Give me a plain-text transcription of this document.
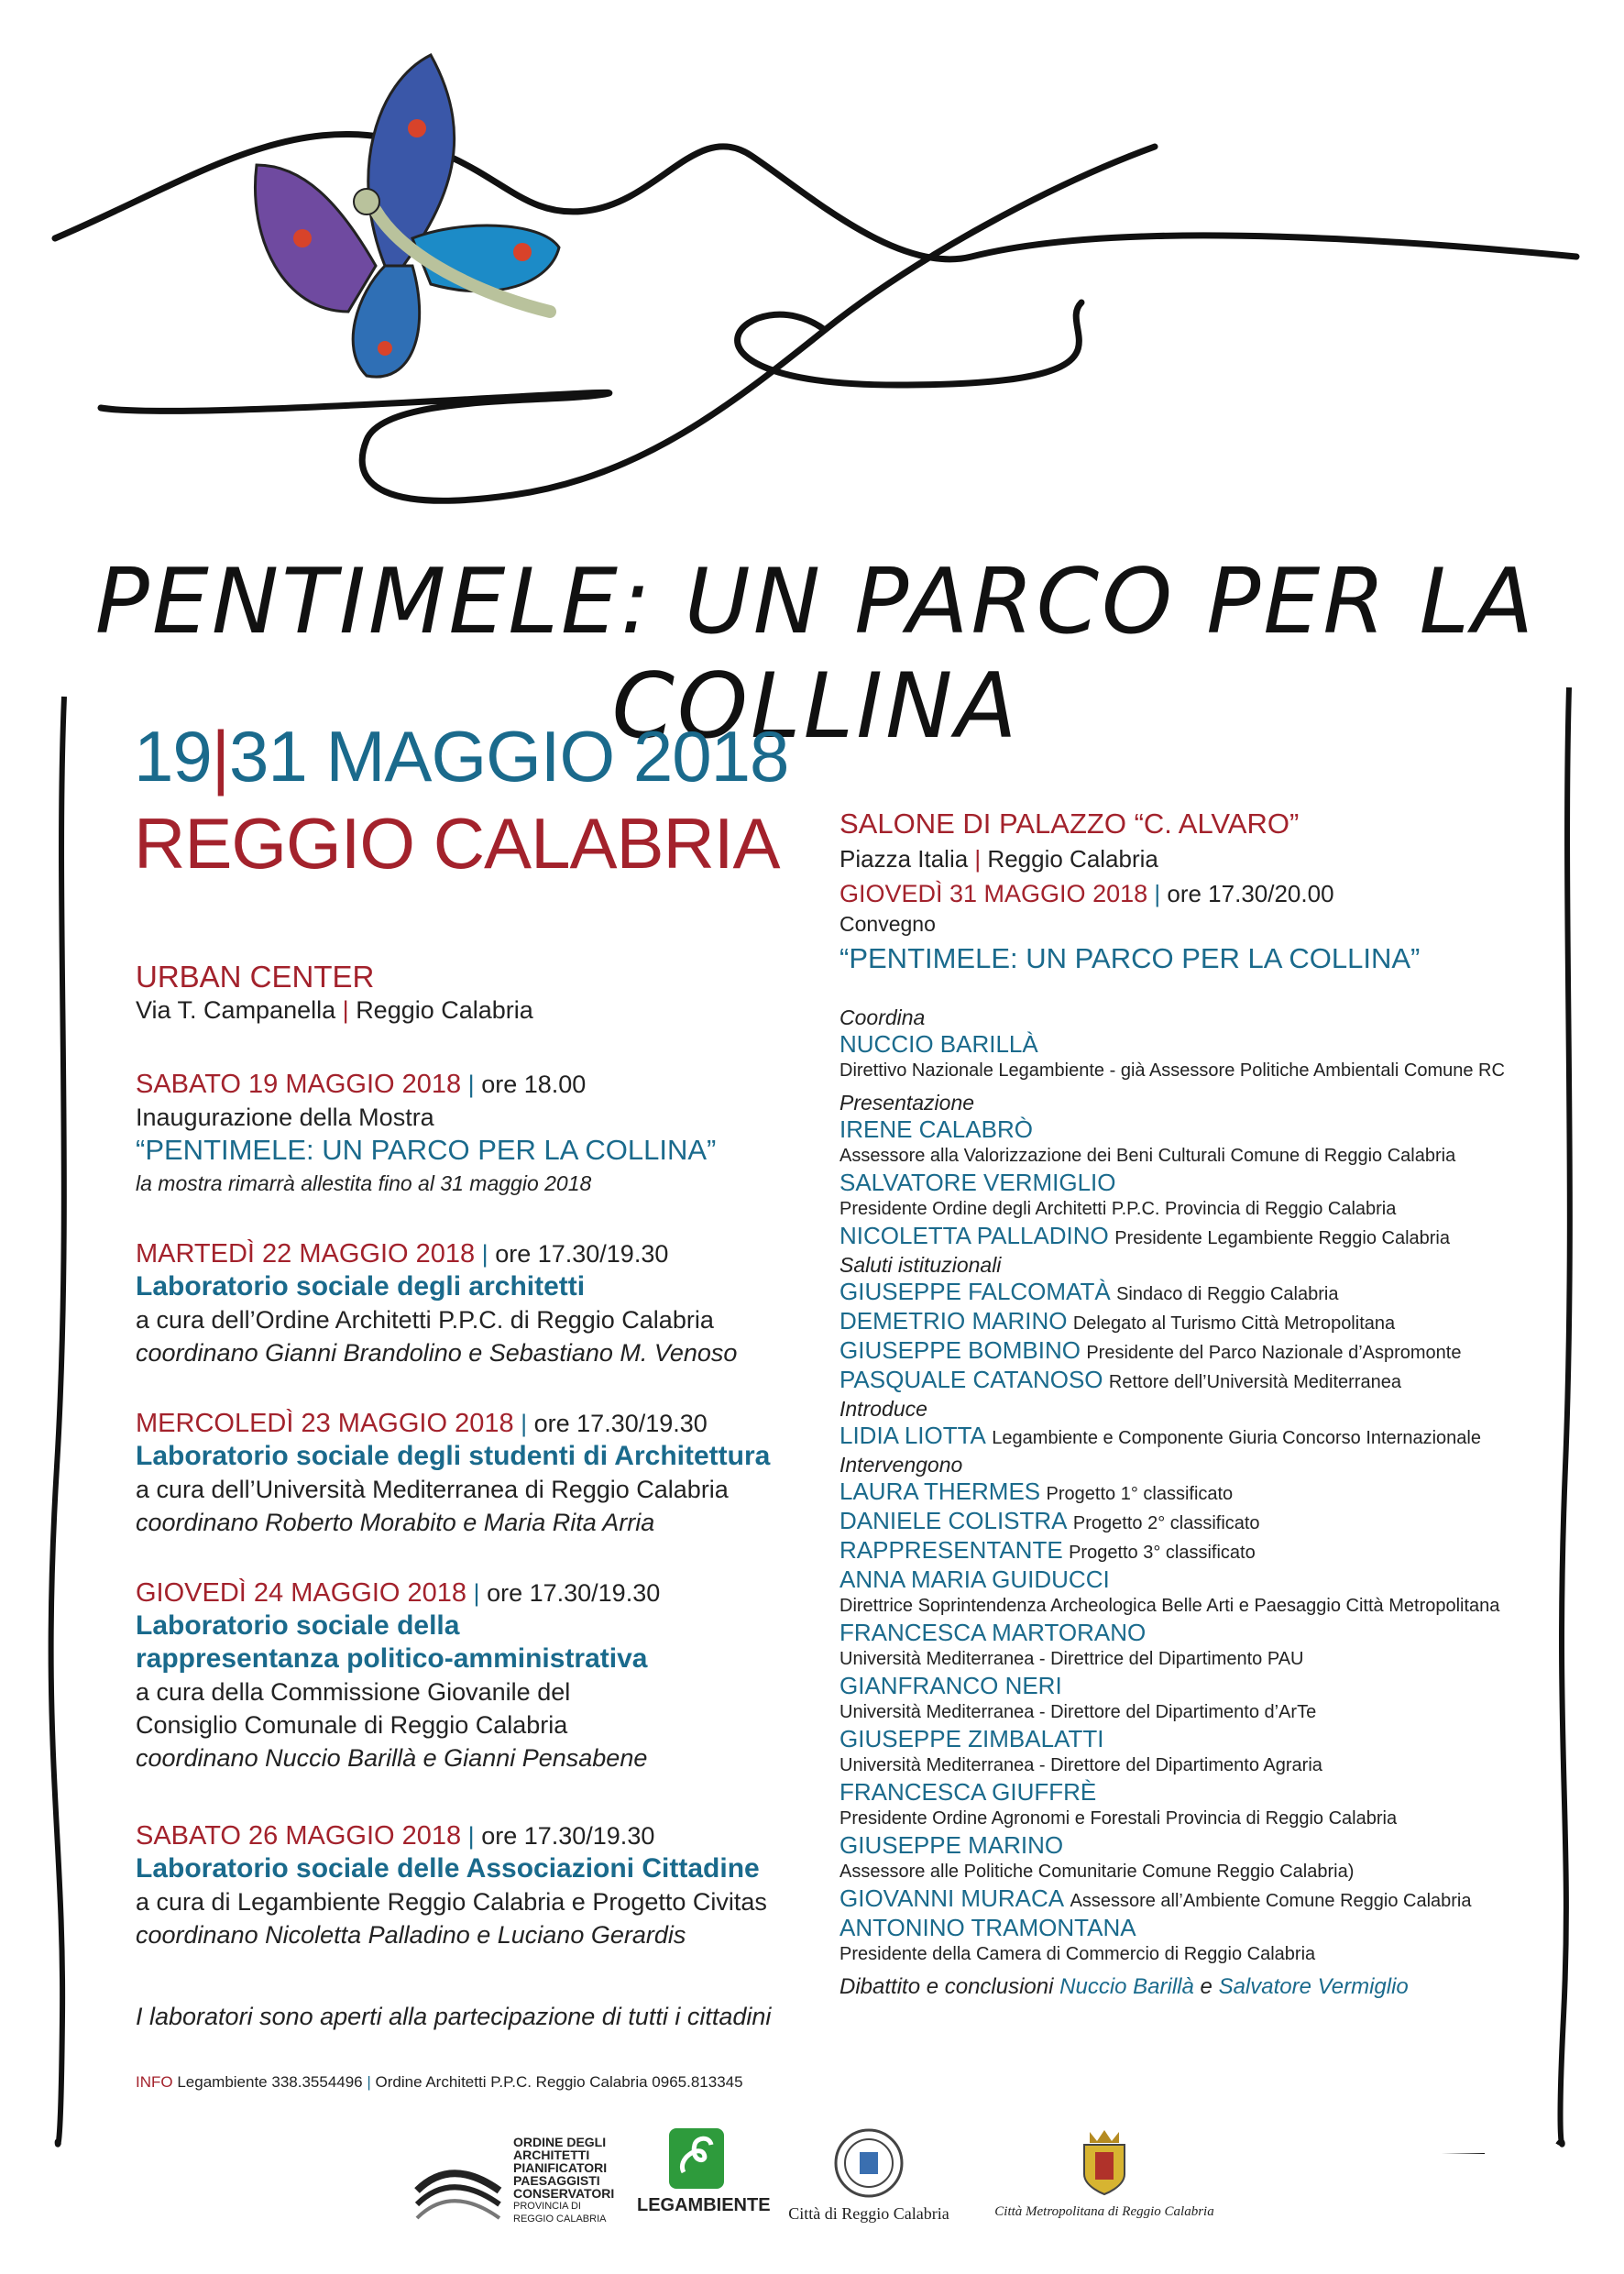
PENTIMELE: UN PARCO PER LA COLLINA
19|31 MAGGIO 2018
REGGIO CALABRIA
URBAN CENTER
Via T. Campanella | Reggio Calabria
SABATO 19 MAGGIO 2018 | ore 18.00
Inaugurazione della Mostra
“PENTIMELE: UN PARCO PER LA COLLINA”
la mostra rimarrà allestita fino al 31 maggio 2018
MARTEDÌ 22 MAGGIO 2018 | ore 17.30/19.30
Laboratorio sociale degli architetti
a cura dell’Ordine Architetti P.P.C. di Reggio Calabria
coordinano Gianni Brandolino e Sebastiano M. Venoso
MERCOLEDÌ 23 MAGGIO 2018 | ore 17.30/19.30
Laboratorio sociale degli studenti di Architettura
a cura dell’Università Mediterranea di Reggio Calabria
coordinano Roberto Morabito e Maria Rita Arria
GIOVEDÌ 24 MAGGIO 2018 | ore 17.30/19.30
Laboratorio sociale della
rappresentanza politico-amministrativa
a cura della Commissione Giovanile del
Consiglio Comunale di Reggio Calabria
coordinano Nuccio Barillà e Gianni Pensabene
SABATO 26 MAGGIO 2018 | ore 17.30/19.30
Laboratorio sociale delle Associazioni Cittadine
a cura di Legambiente Reggio Calabria e Progetto Civitas
coordinano Nicoletta Palladino e Luciano Gerardis
I laboratori sono aperti alla partecipazione di tutti i cittadini
INFO Legambiente 338.3554496 | Ordine Architetti P.P.C. Reggio Calabria 0965.813345
SALONE DI PALAZZO “C. ALVARO”
Piazza Italia | Reggio Calabria
GIOVEDÌ 31 MAGGIO 2018 | ore 17.30/20.00
Convegno
“PENTIMELE: UN PARCO PER LA COLLINA”
Coordina
NUCCIO BARILLÀ
Direttivo Nazionale Legambiente - già Assessore Politiche Ambientali Comune RC
Presentazione
IRENE CALABRÒ
Assessore alla Valorizzazione dei Beni Culturali Comune di Reggio Calabria
SALVATORE VERMIGLIO
Presidente Ordine degli Architetti P.P.C. Provincia di Reggio Calabria
NICOLETTA PALLADINO Presidente Legambiente Reggio Calabria
Saluti istituzionali
GIUSEPPE FALCOMATÀ Sindaco di Reggio Calabria
DEMETRIO MARINO Delegato al Turismo Città Metropolitana
GIUSEPPE BOMBINO Presidente del Parco Nazionale d’Aspromonte
PASQUALE CATANOSO Rettore dell’Università Mediterranea
Introduce
LIDIA LIOTTA Legambiente e Componente Giuria Concorso Internazionale
Intervengono
LAURA THERMES Progetto 1° classificato
DANIELE COLISTRA Progetto 2° classificato
RAPPRESENTANTE Progetto 3° classificato
ANNA MARIA GUIDUCCI
Direttrice Soprintendenza Archeologica Belle Arti e Paesaggio Città Metropolitana
FRANCESCA MARTORANO
Università Mediterranea - Direttrice del Dipartimento PAU
GIANFRANCO NERI
Università Mediterranea - Direttore del Dipartimento d’ArTe
GIUSEPPE ZIMBALATTI
Università Mediterranea - Direttore del Dipartimento Agraria
FRANCESCA GIUFFRÈ
Presidente Ordine Agronomi e Forestali Provincia di Reggio Calabria
GIUSEPPE MARINO
Assessore alle Politiche Comunitarie Comune Reggio Calabria)
GIOVANNI MURACA Assessore all’Ambiente Comune Reggio Calabria
ANTONINO TRAMONTANA
Presidente della Camera di Commercio di Reggio Calabria
Dibattito e conclusioni Nuccio Barillà e Salvatore Vermiglio
ORDINE DEGLI
ARCHITETTI
PIANIFICATORI
PAESAGGISTI
CONSERVATORI
PROVINCIA DI
REGGIO CALABRIA
LEGAMBIENTE Città di Reggio Calabria	Città Metropolitana di Reggio Calabria
